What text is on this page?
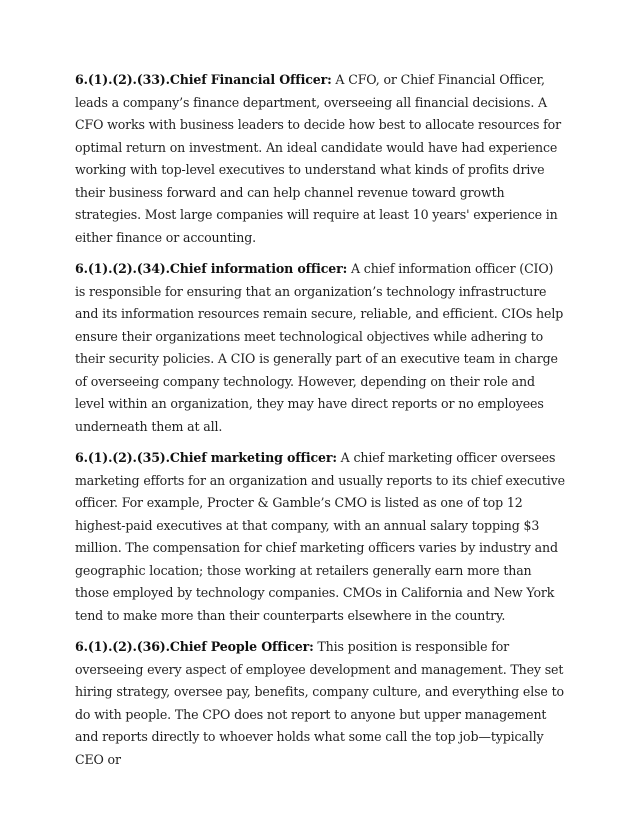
6.(1).(2).(33).Chief Financial Officer: A CFO, or Chief Financial Officer, leads a company’s finance department, overseeing all financial decisions. A CFO works with business leaders to decide how best to allocate resources for optimal return on investment. An ideal candidate would have had experience working with top-level executives to understand what kinds of profits drive their business forward and can help channel revenue toward growth strategies. Most large companies will require at least 10 years' experience in either finance or accounting.

6.(1).(2).(34).Chief information officer: A chief information officer (CIO) is responsible for ensuring that an organization’s technology infrastructure and its information resources remain secure, reliable, and efficient. CIOs help ensure their organizations meet technological objectives while adhering to their security policies. A CIO is generally part of an executive team in charge of overseeing company technology. However, depending on their role and level within an organization, they may have direct reports or no employees underneath them at all.

6.(1).(2).(35).Chief marketing officer: A chief marketing officer oversees marketing efforts for an organization and usually reports to its chief executive officer. For example, Procter & Gamble’s CMO is listed as one of top 12 highest-paid executives at that company, with an annual salary topping $3 million. The compensation for chief marketing officers varies by industry and geographic location; those working at retailers generally earn more than those employed by technology companies. CMOs in California and New York tend to make more than their counterparts elsewhere in the country.

6.(1).(2).(36).Chief People Officer: This position is responsible for overseeing every aspect of employee development and management. They set hiring strategy, oversee pay, benefits, company culture, and everything else to do with people. The CPO does not report to anyone but upper management and reports directly to whoever holds what some call the top job—typically CEO or
